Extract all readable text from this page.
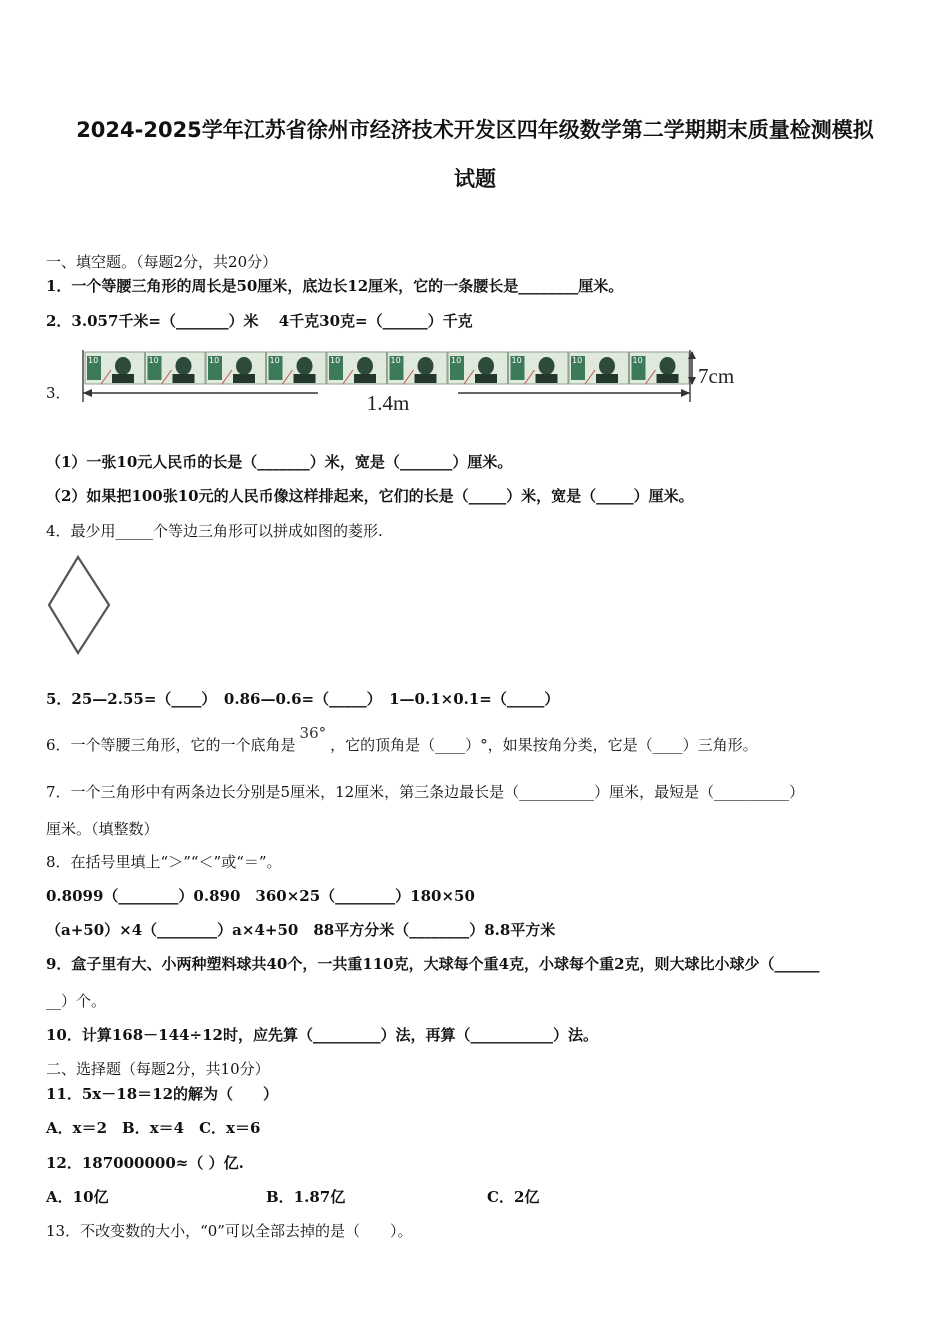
2024-2025学年江苏省徐州市经济技术开发区四年级数学第二学期期末质量检测模拟
试题
一、填空题。（每题2分，共20分）
1．一个等腰三角形的周长是50厘米，底边长12厘米，它的一条腰长是________厘米。
2．3.057千米=（_______）米　 4千克30克=（______）千克
3．
10	10	10	10	10	10	10	10	10	10
1.4m
7cm
（1）一张10元人民币的长是（_______）米，宽是（_______）厘米。
（2）如果把100张10元的人民币像这样排起来，它们的长是（_____）米，宽是（_____）厘米。
4．最少用_____个等边三角形可以拼成如图的菱形.
5．25—2.55=（____）　0.86—0.6=（_____）　1—0.1×0.1=（_____）
6．一个等腰三角形，它的一个底角是36°，它的顶角是（____）°，如果按角分类，它是（____）三角形。
7．一个三角形中有两条边长分别是5厘米，12厘米，第三条边最长是（__________）厘米，最短是（__________）
厘米。（填整数）
8．在括号里填上“＞”“＜”或“＝”。
0.8099（________）0.890　360×25（________）180×50
（a+50）×4（________）a×4+50　88平方分米（________）8.8平方米
9．盒子里有大、小两种塑料球共40个，一共重110克，大球每个重4克，小球每个重2克，则大球比小球少（______
__）个。
10．计算168－144÷12时，应先算（_________）法，再算（___________）法。
二、选择题（每题2分，共10分）
11．5x－18＝12的解为（　　）
A．x＝2　B．x＝4　C．x＝6
12．187000000≈（ ）亿.
A．10亿	B．1.87亿	C．2亿
13．不改变数的大小，“0”可以全部去掉的是（　　）。
